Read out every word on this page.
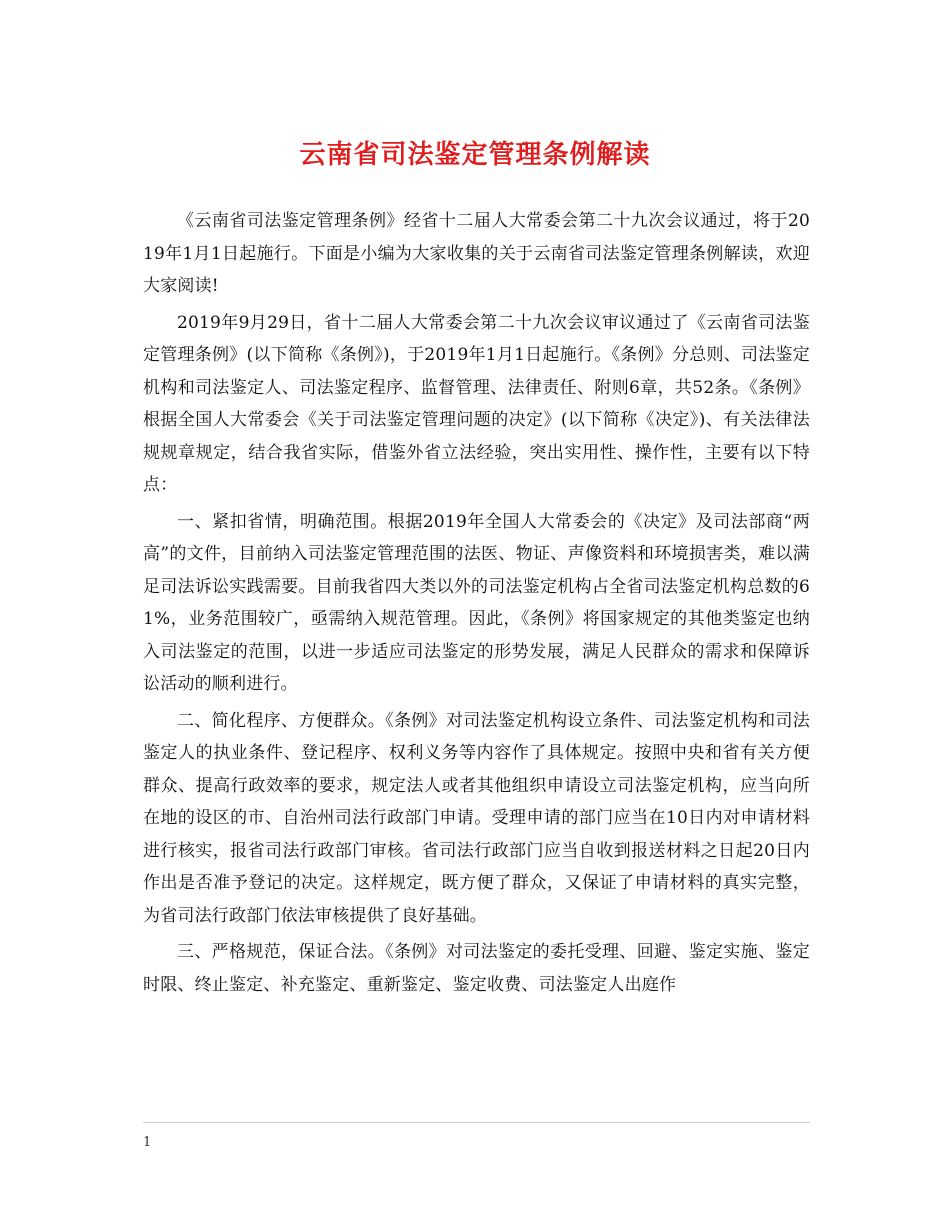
云南省司法鉴定管理条例解读

《云南省司法鉴定管理条例》经省十二届人大常委会第二十九次会议通过，将于2019年1月1日起施行。下面是小编为大家收集的关于云南省司法鉴定管理条例解读，欢迎大家阅读!

2019年9月29日，省十二届人大常委会第二十九次会议审议通过了《云南省司法鉴定管理条例》(以下简称《条例》)，于2019年1月1日起施行。《条例》分总则、司法鉴定机构和司法鉴定人、司法鉴定程序、监督管理、法律责任、附则6章，共52条。《条例》根据全国人大常委会《关于司法鉴定管理问题的决定》(以下简称《决定》)、有关法律法规规章规定，结合我省实际，借鉴外省立法经验，突出实用性、操作性，主要有以下特点：

一、紧扣省情，明确范围。根据2019年全国人大常委会的《决定》及司法部商“两高”的文件，目前纳入司法鉴定管理范围的法医、物证、声像资料和环境损害类，难以满足司法诉讼实践需要。目前我省四大类以外的司法鉴定机构占全省司法鉴定机构总数的61%，业务范围较广，亟需纳入规范管理。因此，《条例》将国家规定的其他类鉴定也纳入司法鉴定的范围，以进一步适应司法鉴定的形势发展，满足人民群众的需求和保障诉讼活动的顺利进行。

二、简化程序、方便群众。《条例》对司法鉴定机构设立条件、司法鉴定机构和司法鉴定人的执业条件、登记程序、权利义务等内容作了具体规定。按照中央和省有关方便群众、提高行政效率的要求，规定法人或者其他组织申请设立司法鉴定机构，应当向所在地的设区的市、自治州司法行政部门申请。受理申请的部门应当在10日内对申请材料进行核实，报省司法行政部门审核。省司法行政部门应当自收到报送材料之日起20日内作出是否准予登记的决定。这样规定，既方便了群众，又保证了申请材料的真实完整，为省司法行政部门依法审核提供了良好基础。

三、严格规范，保证合法。《条例》对司法鉴定的委托受理、回避、鉴定实施、鉴定时限、终止鉴定、补充鉴定、重新鉴定、鉴定收费、司法鉴定人出庭作

1
